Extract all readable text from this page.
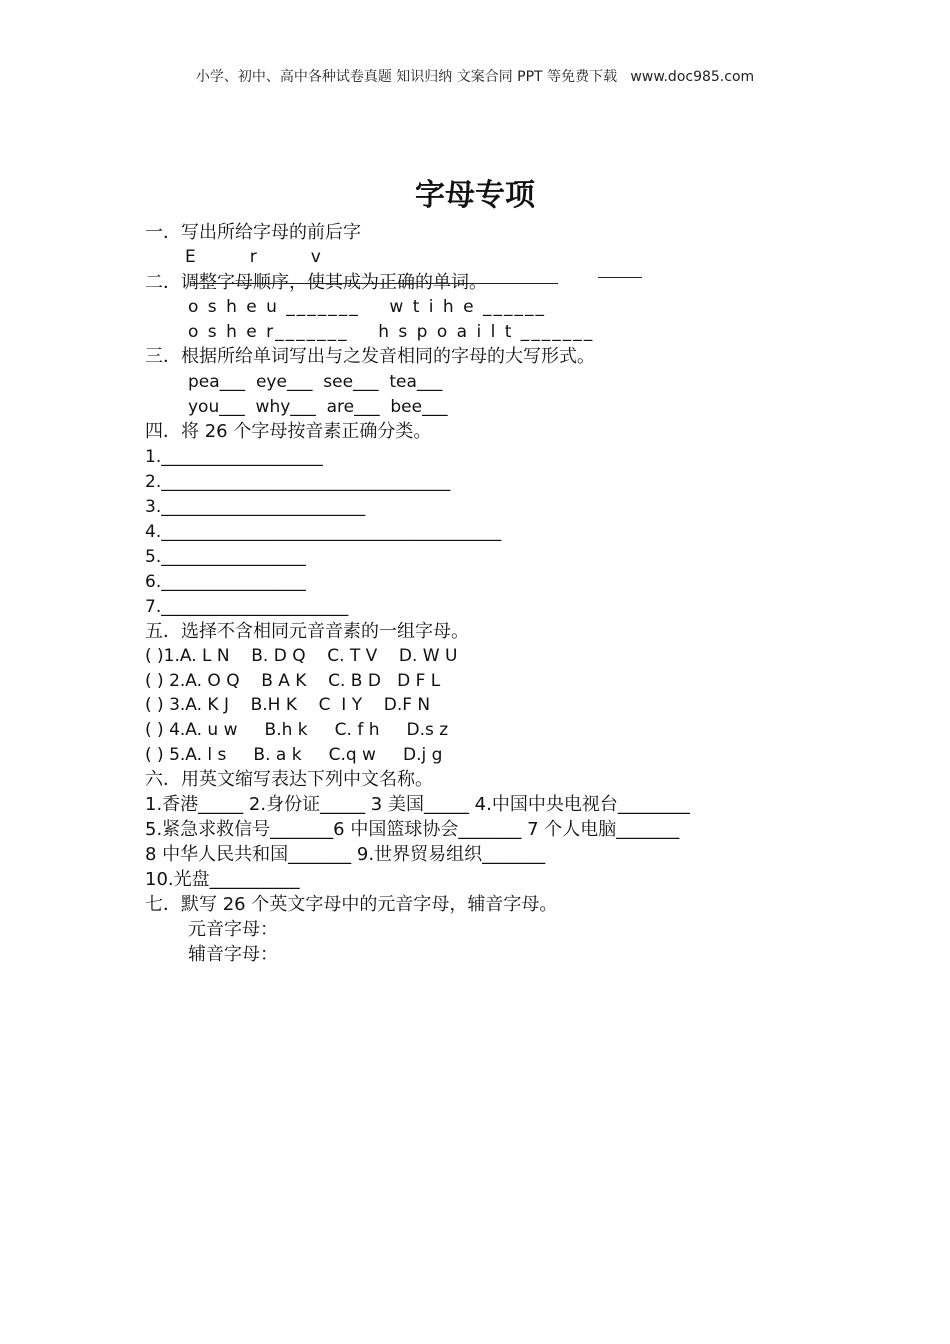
小学、初中、高中各种试卷真题 知识归纳 文案合同 PPT 等免费下载   www.doc985.com
字母专项
一．写出所给字母的前后字
E          r          v
二．调整字母顺序，使其成为正确的单词。
o s h e u _______    w t i h e ______
o s h e r_______    h s p o a i l t _______
三．根据所给单词写出与之发音相同的字母的大写形式。
pea___  eye___  see___  tea___
you___  why___  are___  bee___
四．将 26 个字母按音素正确分类。
1.___________________
2.__________________________________
3.________________________
4.________________________________________
5._________________
6._________________
7.______________________
五．选择不含相同元音音素的一组字母。
( )1.A. L N    B. D Q    C. T V    D. W U
( ) 2.A. O Q    B A K    C. B D   D F L
( ) 3.A. K J    B.H K    C  I Y    D.F N
( ) 4.A. u w     B.h k     C. f h     D.s z
( ) 5.A. l s     B. a k     C.q w     D.j g
六．用英文缩写表达下列中文名称。
1.香港_____ 2.身份证_____ 3 美国_____ 4.中国中央电视台________
5.紧急求救信号_______6 中国篮球协会_______ 7 个人电脑_______
8 中华人民共和国_______ 9.世界贸易组织_______
10.光盘__________
七．默写 26 个英文字母中的元音字母，辅音字母。
元音字母：
辅音字母：
